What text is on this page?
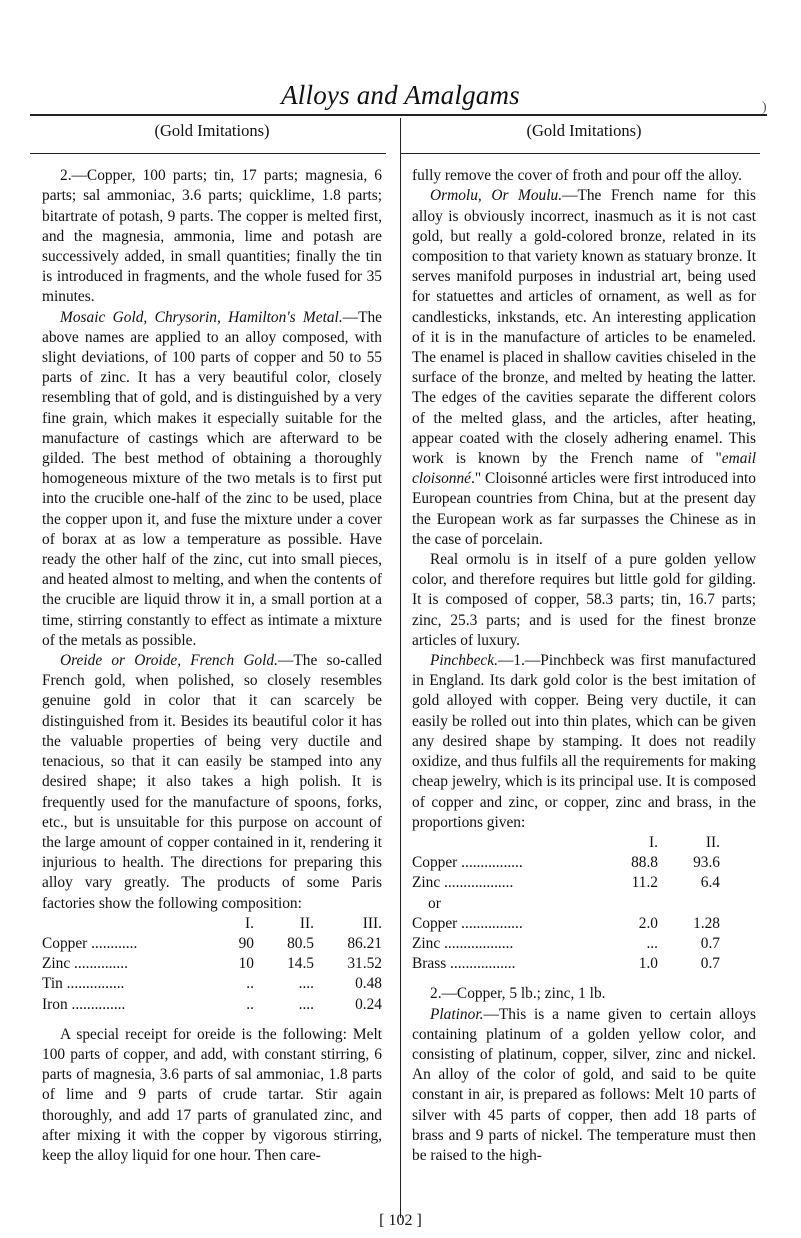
Alloys and Amalgams	)
(Gold Imitations)

2.—Copper, 100 parts; tin, 17 parts; magnesia, 6 parts; sal ammoniac, 3.6 parts; quicklime, 1.8 parts; bitartrate of potash, 9 parts. The copper is melted first, and the magnesia, ammonia, lime and potash are successively added, in small quantities; finally the tin is introduced in fragments, and the whole fused for 35 minutes.

Mosaic Gold, Chrysorin, Hamilton's Metal.—The above names are applied to an alloy composed, with slight deviations, of 100 parts of copper and 50 to 55 parts of zinc. It has a very beautiful color, closely resembling that of gold, and is distinguished by a very fine grain, which makes it especially suitable for the manufacture of castings which are afterward to be gilded. The best method of obtaining a thoroughly homogeneous mixture of the two metals is to first put into the crucible one-half of the zinc to be used, place the copper upon it, and fuse the mixture under a cover of borax at as low a temperature as possible. Have ready the other half of the zinc, cut into small pieces, and heated almost to melting, and when the contents of the crucible are liquid throw it in, a small portion at a time, stirring constantly to effect as intimate a mixture of the metals as possible.

Oreide or Oroide, French Gold.—The so-called French gold, when polished, so closely resembles genuine gold in color that it can scarcely be distinguished from it. Besides its beautiful color it has the valuable properties of being very ductile and tenacious, so that it can easily be stamped into any desired shape; it also takes a high polish. It is frequently used for the manufacture of spoons, forks, etc., but is unsuitable for this purpose on account of the large amount of copper contained in it, rendering it injurious to health. The directions for preparing this alloy vary greatly. The products of some Paris factories show the following composition:

	I.	II.	III.
Copper ............	90	80.5	86.21
Zinc ..............	10	14.5	31.52
Tin ...............	..	....	0.48
Iron ..............	..	....	0.24

A special receipt for oreide is the following: Melt 100 parts of copper, and add, with constant stirring, 6 parts of magnesia, 3.6 parts of sal ammoniac, 1.8 parts of lime and 9 parts of crude tartar. Stir again thoroughly, and add 17 parts of granulated zinc, and after mixing it with the copper by vigorous stirring, keep the alloy liquid for one hour. Then care-

(Gold Imitations)

fully remove the cover of froth and pour off the alloy.

Ormolu, Or Moulu.—The French name for this alloy is obviously incorrect, inasmuch as it is not cast gold, but really a gold-colored bronze, related in its composition to that variety known as statuary bronze. It serves manifold purposes in industrial art, being used for statuettes and articles of ornament, as well as for candlesticks, inkstands, etc. An interesting application of it is in the manufacture of articles to be enameled. The enamel is placed in shallow cavities chiseled in the surface of the bronze, and melted by heating the latter. The edges of the cavities separate the different colors of the melted glass, and the articles, after heating, appear coated with the closely adhering enamel. This work is known by the French name of "email cloisonné." Cloisonné articles were first introduced into European countries from China, but at the present day the European work as far surpasses the Chinese as in the case of porcelain.

Real ormolu is in itself of a pure golden yellow color, and therefore requires but little gold for gilding. It is composed of copper, 58.3 parts; tin, 16.7 parts; zinc, 25.3 parts; and is used for the finest bronze articles of luxury.

Pinchbeck.—1.—Pinchbeck was first manufactured in England. Its dark gold color is the best imitation of gold alloyed with copper. Being very ductile, it can easily be rolled out into thin plates, which can be given any desired shape by stamping. It does not readily oxidize, and thus fulfils all the requirements for making cheap jewelry, which is its principal use. It is composed of copper and zinc, or copper, zinc and brass, in the proportions given:

	I.	II.	
Copper ................	88.8	93.6	
Zinc ..................	11.2	6.4	
or			
Copper ................	2.0	1.28	
Zinc ..................	...	0.7	
Brass .................	1.0	0.7	

2.—Copper, 5 lb.; zinc, 1 lb.

Platinor.—This is a name given to certain alloys containing platinum of a golden yellow color, and consisting of platinum, copper, silver, zinc and nickel. An alloy of the color of gold, and said to be quite constant in air, is prepared as follows: Melt 10 parts of silver with 45 parts of copper, then add 18 parts of brass and 9 parts of nickel. The temperature must then be raised to the high-

[ 102 ]
